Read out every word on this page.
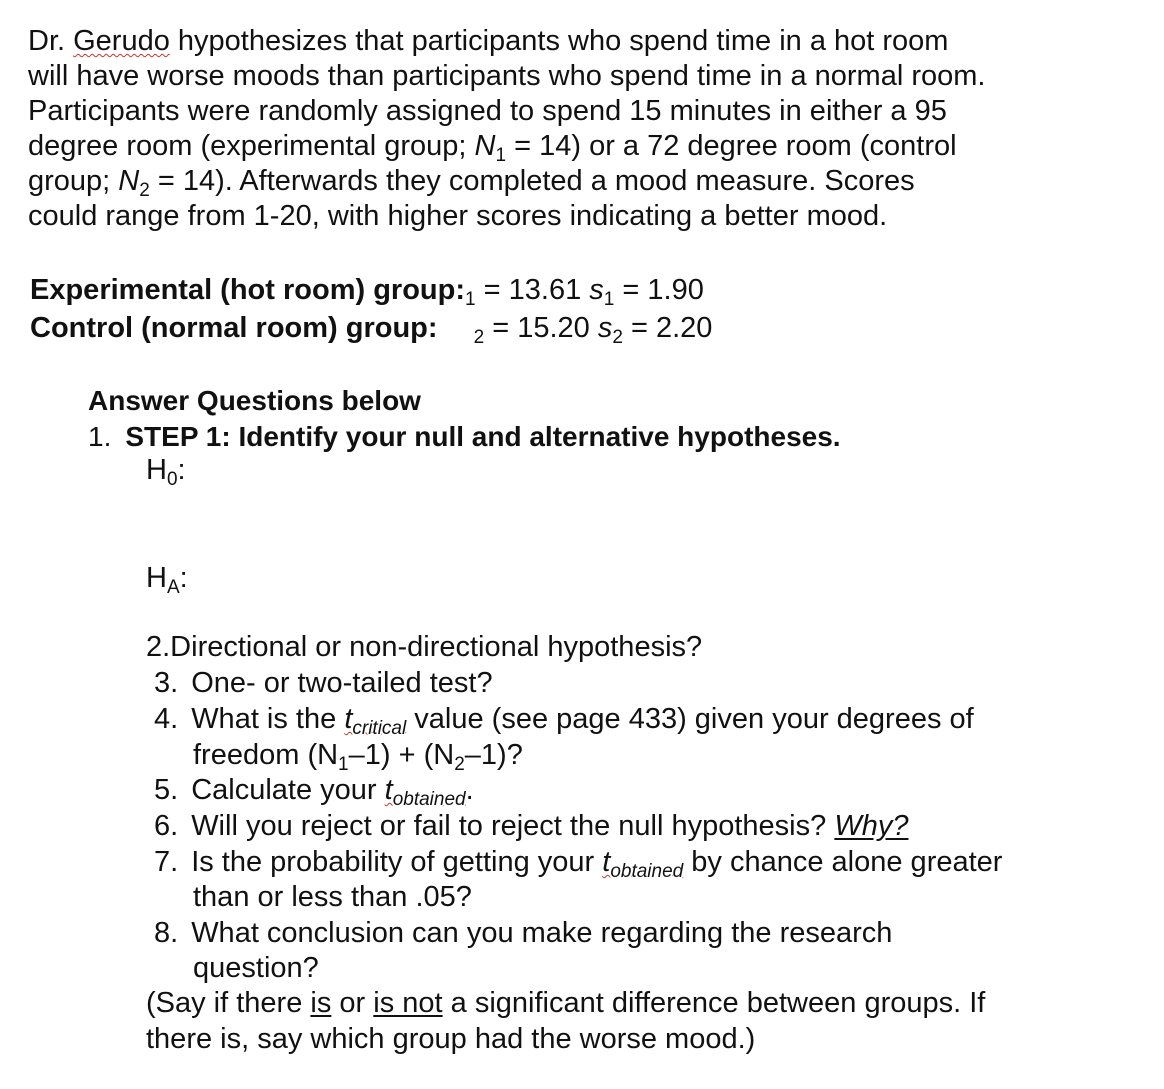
Dr. Gerudo hypothesizes that participants who spend time in a hot room
will have worse moods than participants who spend time in a normal room.
Participants were randomly assigned to spend 15 minutes in either a 95
degree room (experimental group; $N_1 = 14$) or a 72 degree room (control
group; $N_2 = 14$). Afterwards they completed a mood measure. Scores
could range from 1-20, with higher scores indicating a better mood.
Experimental (hot room) $group:_1 = 13.61$ $s_1 = 1.90$
Control (normal room) group: $_2$ = 15.20 $s_2 = 2.20$
Answer Questions below
1. STEP 1: Identify your null and alternative hypotheses.
$H_0$:
$H_A$:
2.Directional or non-directional hypothesis?
3. One- or two-tailed test?
4. What is the $t_{critical}$ value (see page 433) given your degrees of
freedom $(N_1-1) + (N_2-1)$?
5. Calculate your $t_{obtained}$.
6. Will you reject or fail to reject the null hypothesis? Why?
7. Is the probability of getting your $t_{obtained}$ by chance alone greater
than or less than .05?
8. What conclusion can you make regarding the research
question?
(Say if there is or is not a significant difference between groups. If
there is, say which group had the worse mood.)
